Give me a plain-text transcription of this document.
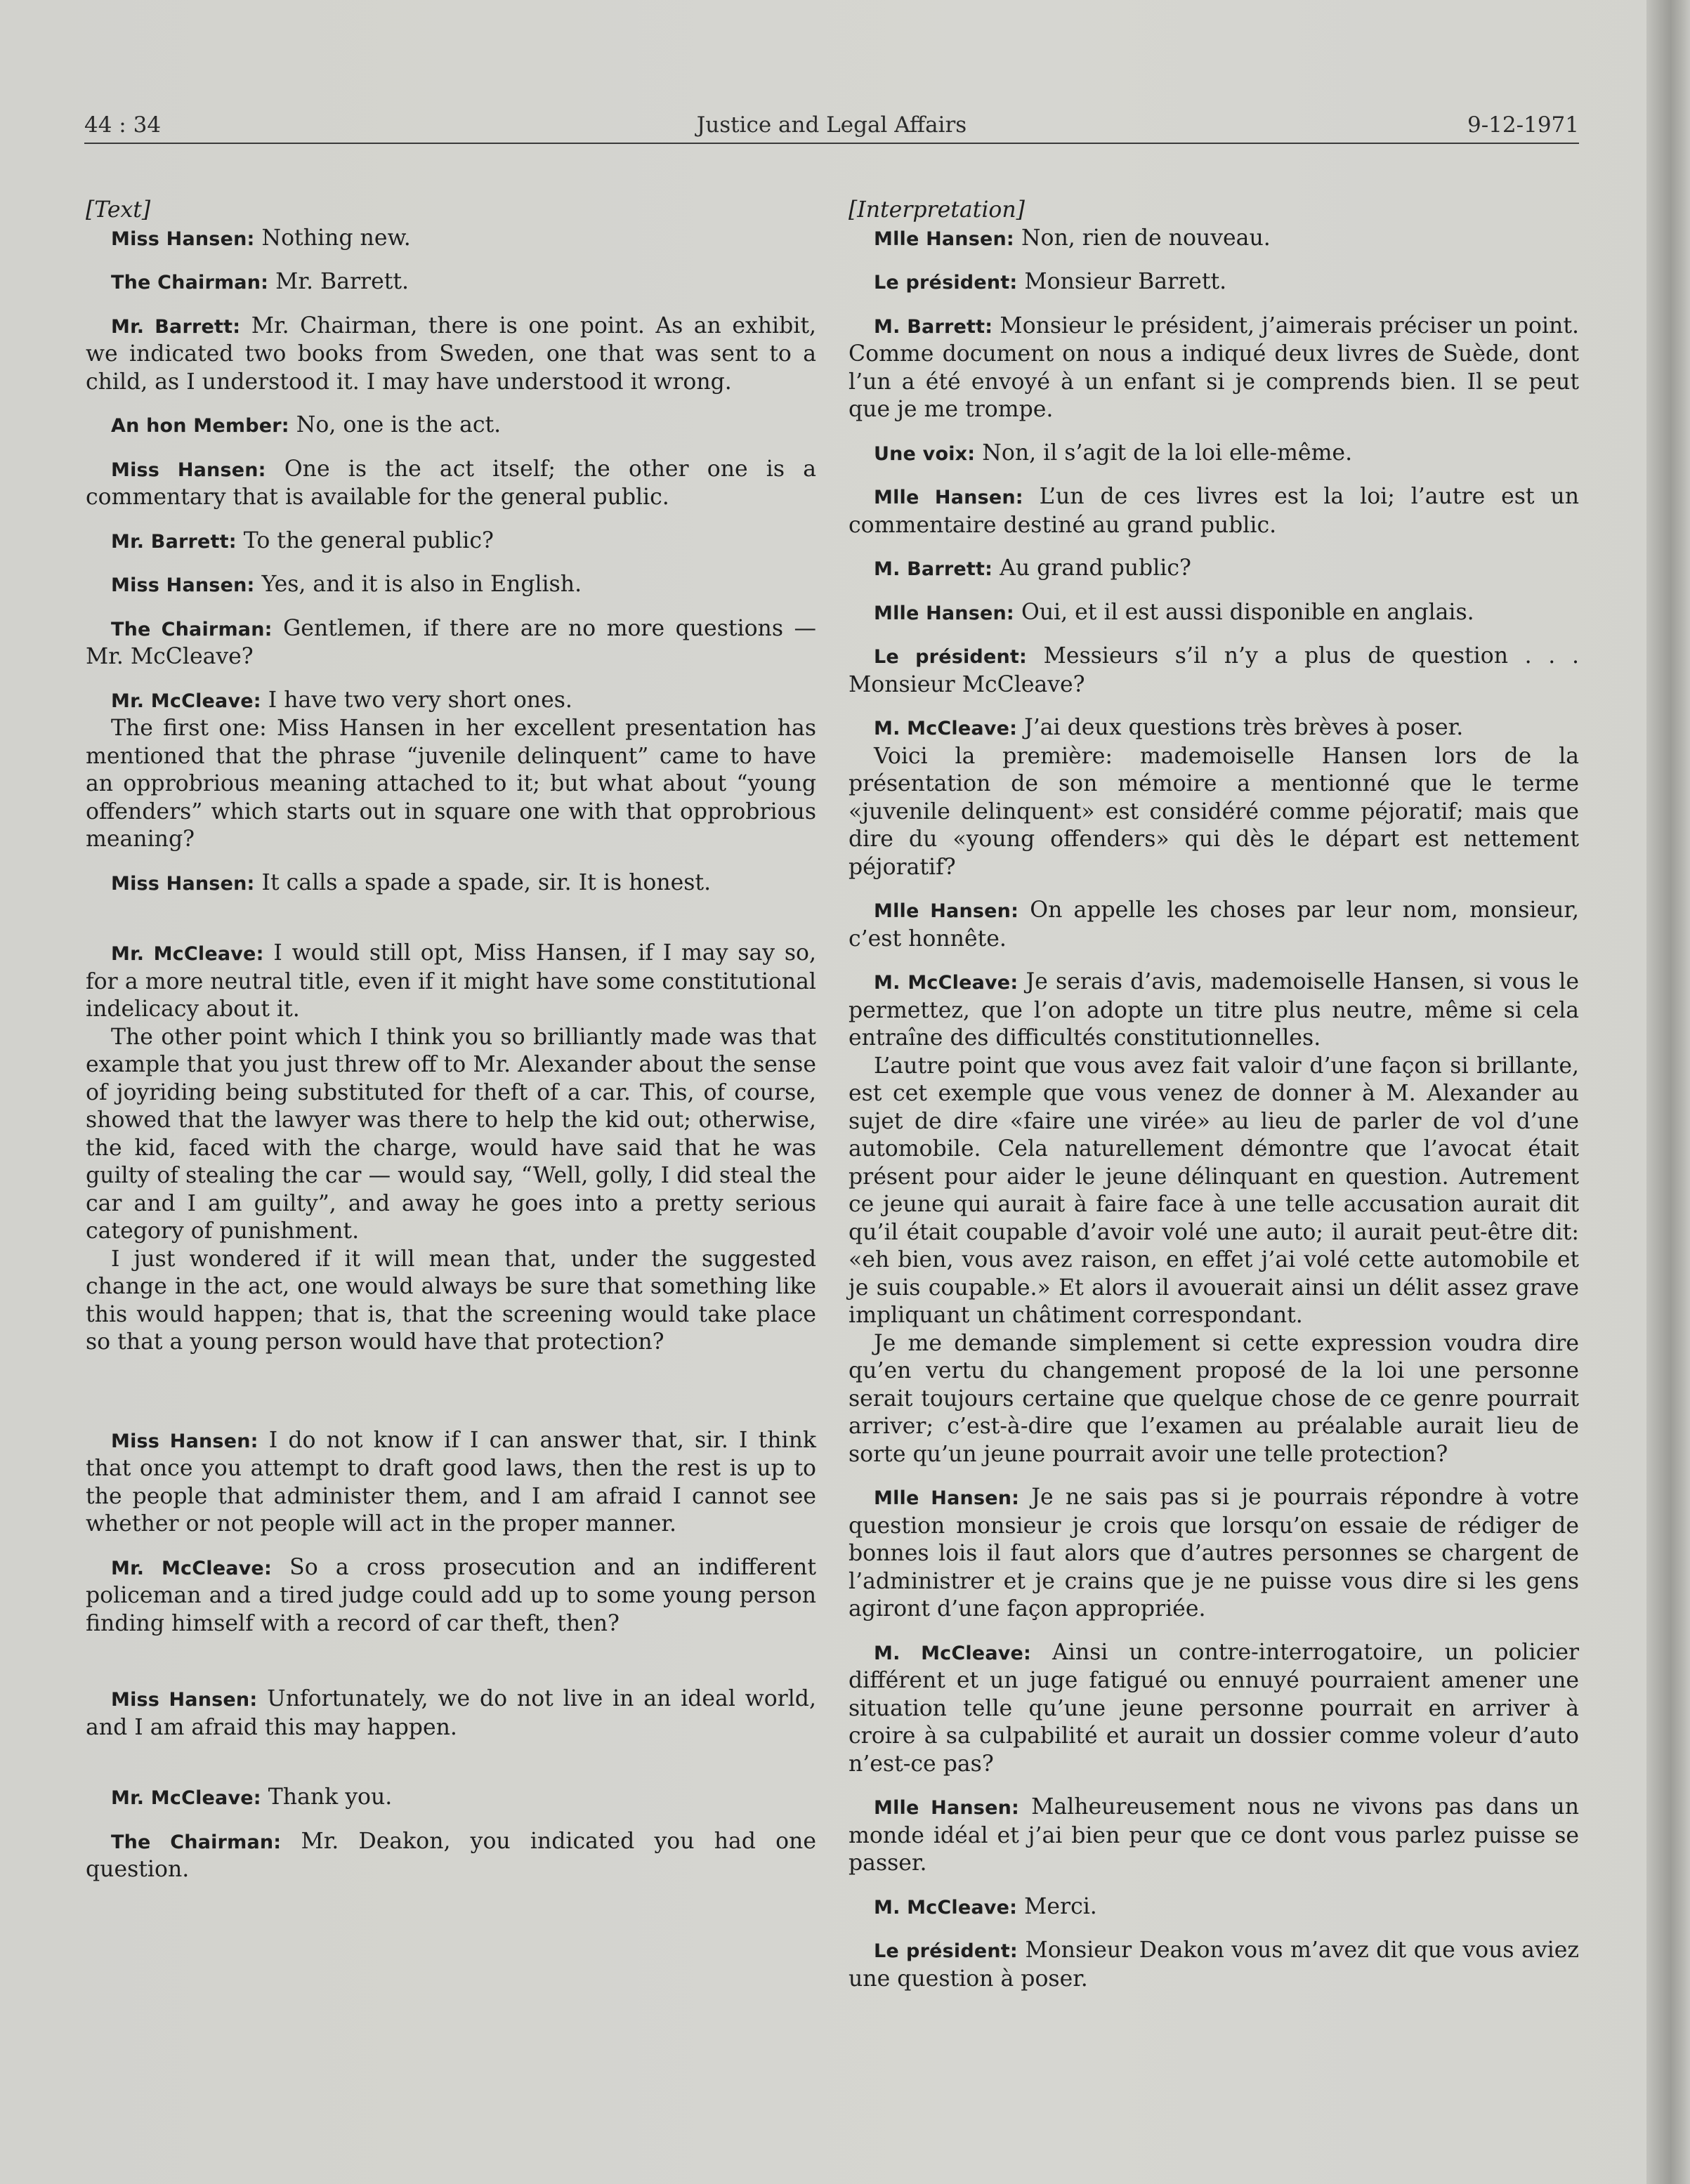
44 : 34	Justice and Legal Affairs	9-12-1971
[Text]

Miss Hansen: Nothing new.

The Chairman: Mr. Barrett.

Mr. Barrett: Mr. Chairman, there is one point. As an exhibit, we indicated two books from Sweden, one that was sent to a child, as I understood it. I may have understood it wrong.

An hon Member: No, one is the act.

Miss Hansen: One is the act itself; the other one is a commentary that is available for the general public.

Mr. Barrett: To the general public?

Miss Hansen: Yes, and it is also in English.

The Chairman: Gentlemen, if there are no more questions — Mr. McCleave?

Mr. McCleave: I have two very short ones.

The first one: Miss Hansen in her excellent presentation has mentioned that the phrase “juvenile delinquent” came to have an opprobrious meaning attached to it; but what about “young offenders” which starts out in square one with that opprobrious meaning?

Miss Hansen: It calls a spade a spade, sir. It is honest.

Mr. McCleave: I would still opt, Miss Hansen, if I may say so, for a more neutral title, even if it might have some constitutional indelicacy about it.

The other point which I think you so brilliantly made was that example that you just threw off to Mr. Alexander about the sense of joyriding being substituted for theft of a car. This, of course, showed that the lawyer was there to help the kid out; otherwise, the kid, faced with the charge, would have said that he was guilty of stealing the car — would say, “Well, golly, I did steal the car and I am guilty”, and away he goes into a pretty serious category of punishment.

I just wondered if it will mean that, under the suggested change in the act, one would always be sure that something like this would happen; that is, that the screening would take place so that a young person would have that protection?

Miss Hansen: I do not know if I can answer that, sir. I think that once you attempt to draft good laws, then the rest is up to the people that administer them, and I am afraid I cannot see whether or not people will act in the proper manner.

Mr. McCleave: So a cross prosecution and an indifferent policeman and a tired judge could add up to some young person finding himself with a record of car theft, then?

Miss Hansen: Unfortunately, we do not live in an ideal world, and I am afraid this may happen.

Mr. McCleave: Thank you.

The Chairman: Mr. Deakon, you indicated you had one question.

[Interpretation]

Mlle Hansen: Non, rien de nouveau.

Le président: Monsieur Barrett.

M. Barrett: Monsieur le président, j’aimerais préciser un point. Comme document on nous a indiqué deux livres de Suède, dont l’un a été envoyé à un enfant si je comprends bien. Il se peut que je me trompe.

Une voix: Non, il s’agit de la loi elle-même.

Mlle Hansen: L’un de ces livres est la loi; l’autre est un commentaire destiné au grand public.

M. Barrett: Au grand public?

Mlle Hansen: Oui, et il est aussi disponible en anglais.

Le président: Messieurs s’il n’y a plus de question . . . Monsieur McCleave?

M. McCleave: J’ai deux questions très brèves à poser.

Voici la première: mademoiselle Hansen lors de la présentation de son mémoire a mentionné que le terme «juvenile delinquent» est considéré comme péjoratif; mais que dire du «young offenders» qui dès le départ est nettement péjoratif?

Mlle Hansen: On appelle les choses par leur nom, monsieur, c’est honnête.

M. McCleave: Je serais d’avis, mademoiselle Hansen, si vous le permettez, que l’on adopte un titre plus neutre, même si cela entraîne des difficultés constitutionnelles.

L’autre point que vous avez fait valoir d’une façon si brillante, est cet exemple que vous venez de donner à M. Alexander au sujet de dire «faire une virée» au lieu de parler de vol d’une automobile. Cela naturellement démontre que l’avocat était présent pour aider le jeune délinquant en question. Autrement ce jeune qui aurait à faire face à une telle accusation aurait dit qu’il était coupable d’avoir volé une auto; il aurait peut-être dit: «eh bien, vous avez raison, en effet j’ai volé cette automobile et je suis coupable.» Et alors il avouerait ainsi un délit assez grave impliquant un châtiment correspondant.

Je me demande simplement si cette expression voudra dire qu’en vertu du changement proposé de la loi une personne serait toujours certaine que quelque chose de ce genre pourrait arriver; c’est-à-dire que l’examen au préalable aurait lieu de sorte qu’un jeune pourrait avoir une telle protection?

Mlle Hansen: Je ne sais pas si je pourrais répondre à votre question monsieur je crois que lorsqu’on essaie de rédiger de bonnes lois il faut alors que d’autres personnes se chargent de l’administrer et je crains que je ne puisse vous dire si les gens agiront d’une façon appropriée.

M. McCleave: Ainsi un contre-interrogatoire, un policier différent et un juge fatigué ou ennuyé pourraient amener une situation telle qu’une jeune personne pourrait en arriver à croire à sa culpabilité et aurait un dossier comme voleur d’auto n’est-ce pas?

Mlle Hansen: Malheureusement nous ne vivons pas dans un monde idéal et j’ai bien peur que ce dont vous parlez puisse se passer.

M. McCleave: Merci.

Le président: Monsieur Deakon vous m’avez dit que vous aviez une question à poser.
